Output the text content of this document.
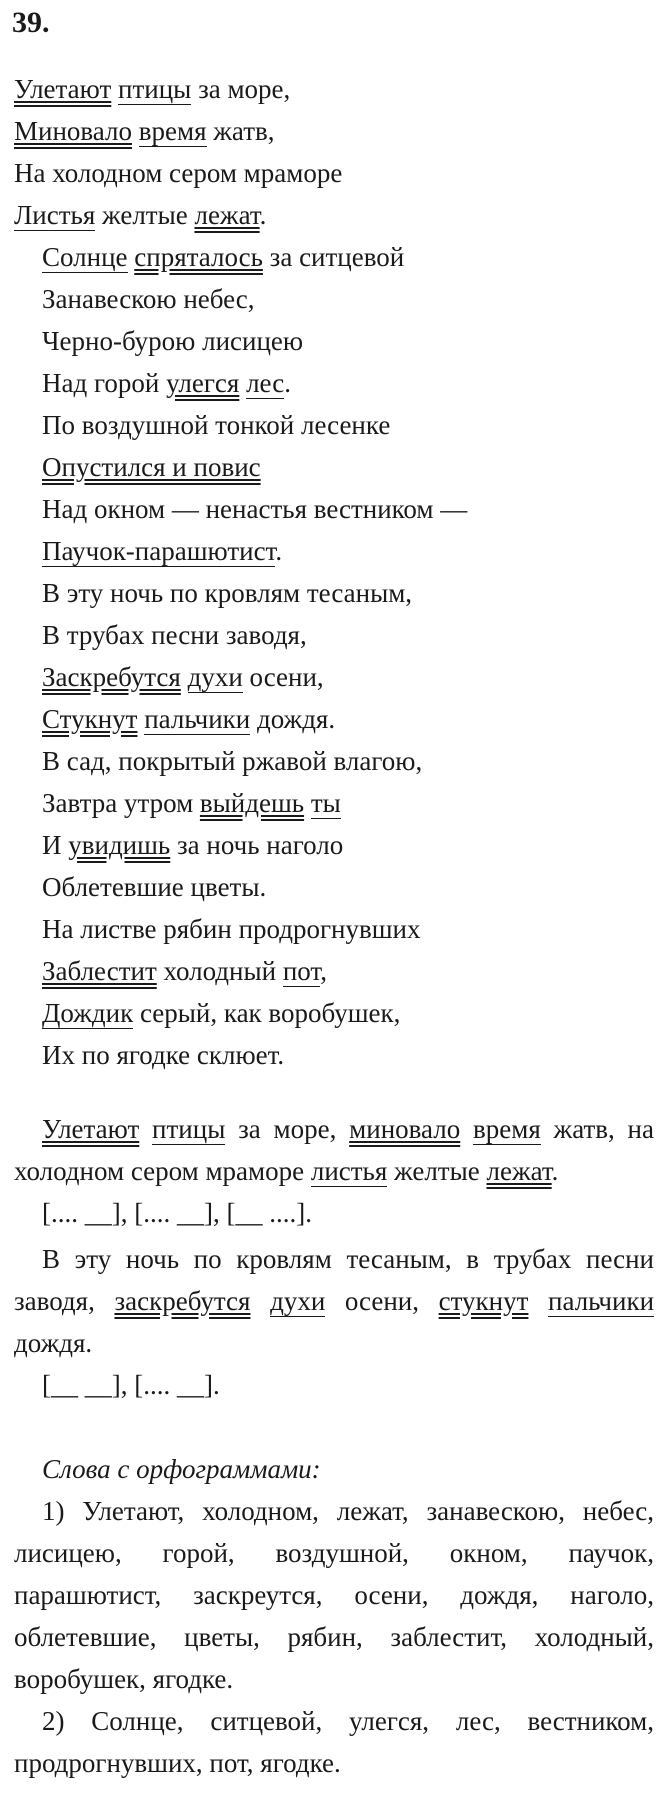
39.
Улетают птицы за море,
Миновало время жатв,
На холодном сером мраморе
Листья желтые лежат.
Солнце спряталось за ситцевой
Занавескою небес,
Черно-бурою лисицею
Над горой улегся лес.
По воздушной тонкой лесенке
Опустился и повис
Над окном — ненастья вестником —
Паучок-парашютист.
В эту ночь по кровлям тесаным,
В трубах песни заводя,
Заскребутся духи осени,
Стукнут пальчики дождя.
В сад, покрытый ржавой влагою,
Завтра утром выйдешь ты
И увидишь за ночь наголо
Облетевшие цветы.
На листве рябин продрогнувших
Заблестит холодный пот,
Дождик серый, как воробушек,
Их по ягодке склюет.
Улетают птицы за море, миновало время жатв, на холодном сером мраморе листья желтые лежат.
[.... __], [.... __], [__ ....].
В эту ночь по кровлям тесаным, в трубах песни заводя, заскребутся духи осени, стукнут пальчики дождя.
[__ __], [.... __].
Слова с орфограммами:
1) Улетают, холодном, лежат, занавескою, небес, лисицею, горой, воздушной, окном, паучок, парашютист, заскреутся, осени, дождя, наголо, облетевшие, цветы, рябин, заблестит, холодный, воробушек, ягодке.
2) Солнце, ситцевой, улегся, лес, вестником, продрогнувших, пот, ягодке.
